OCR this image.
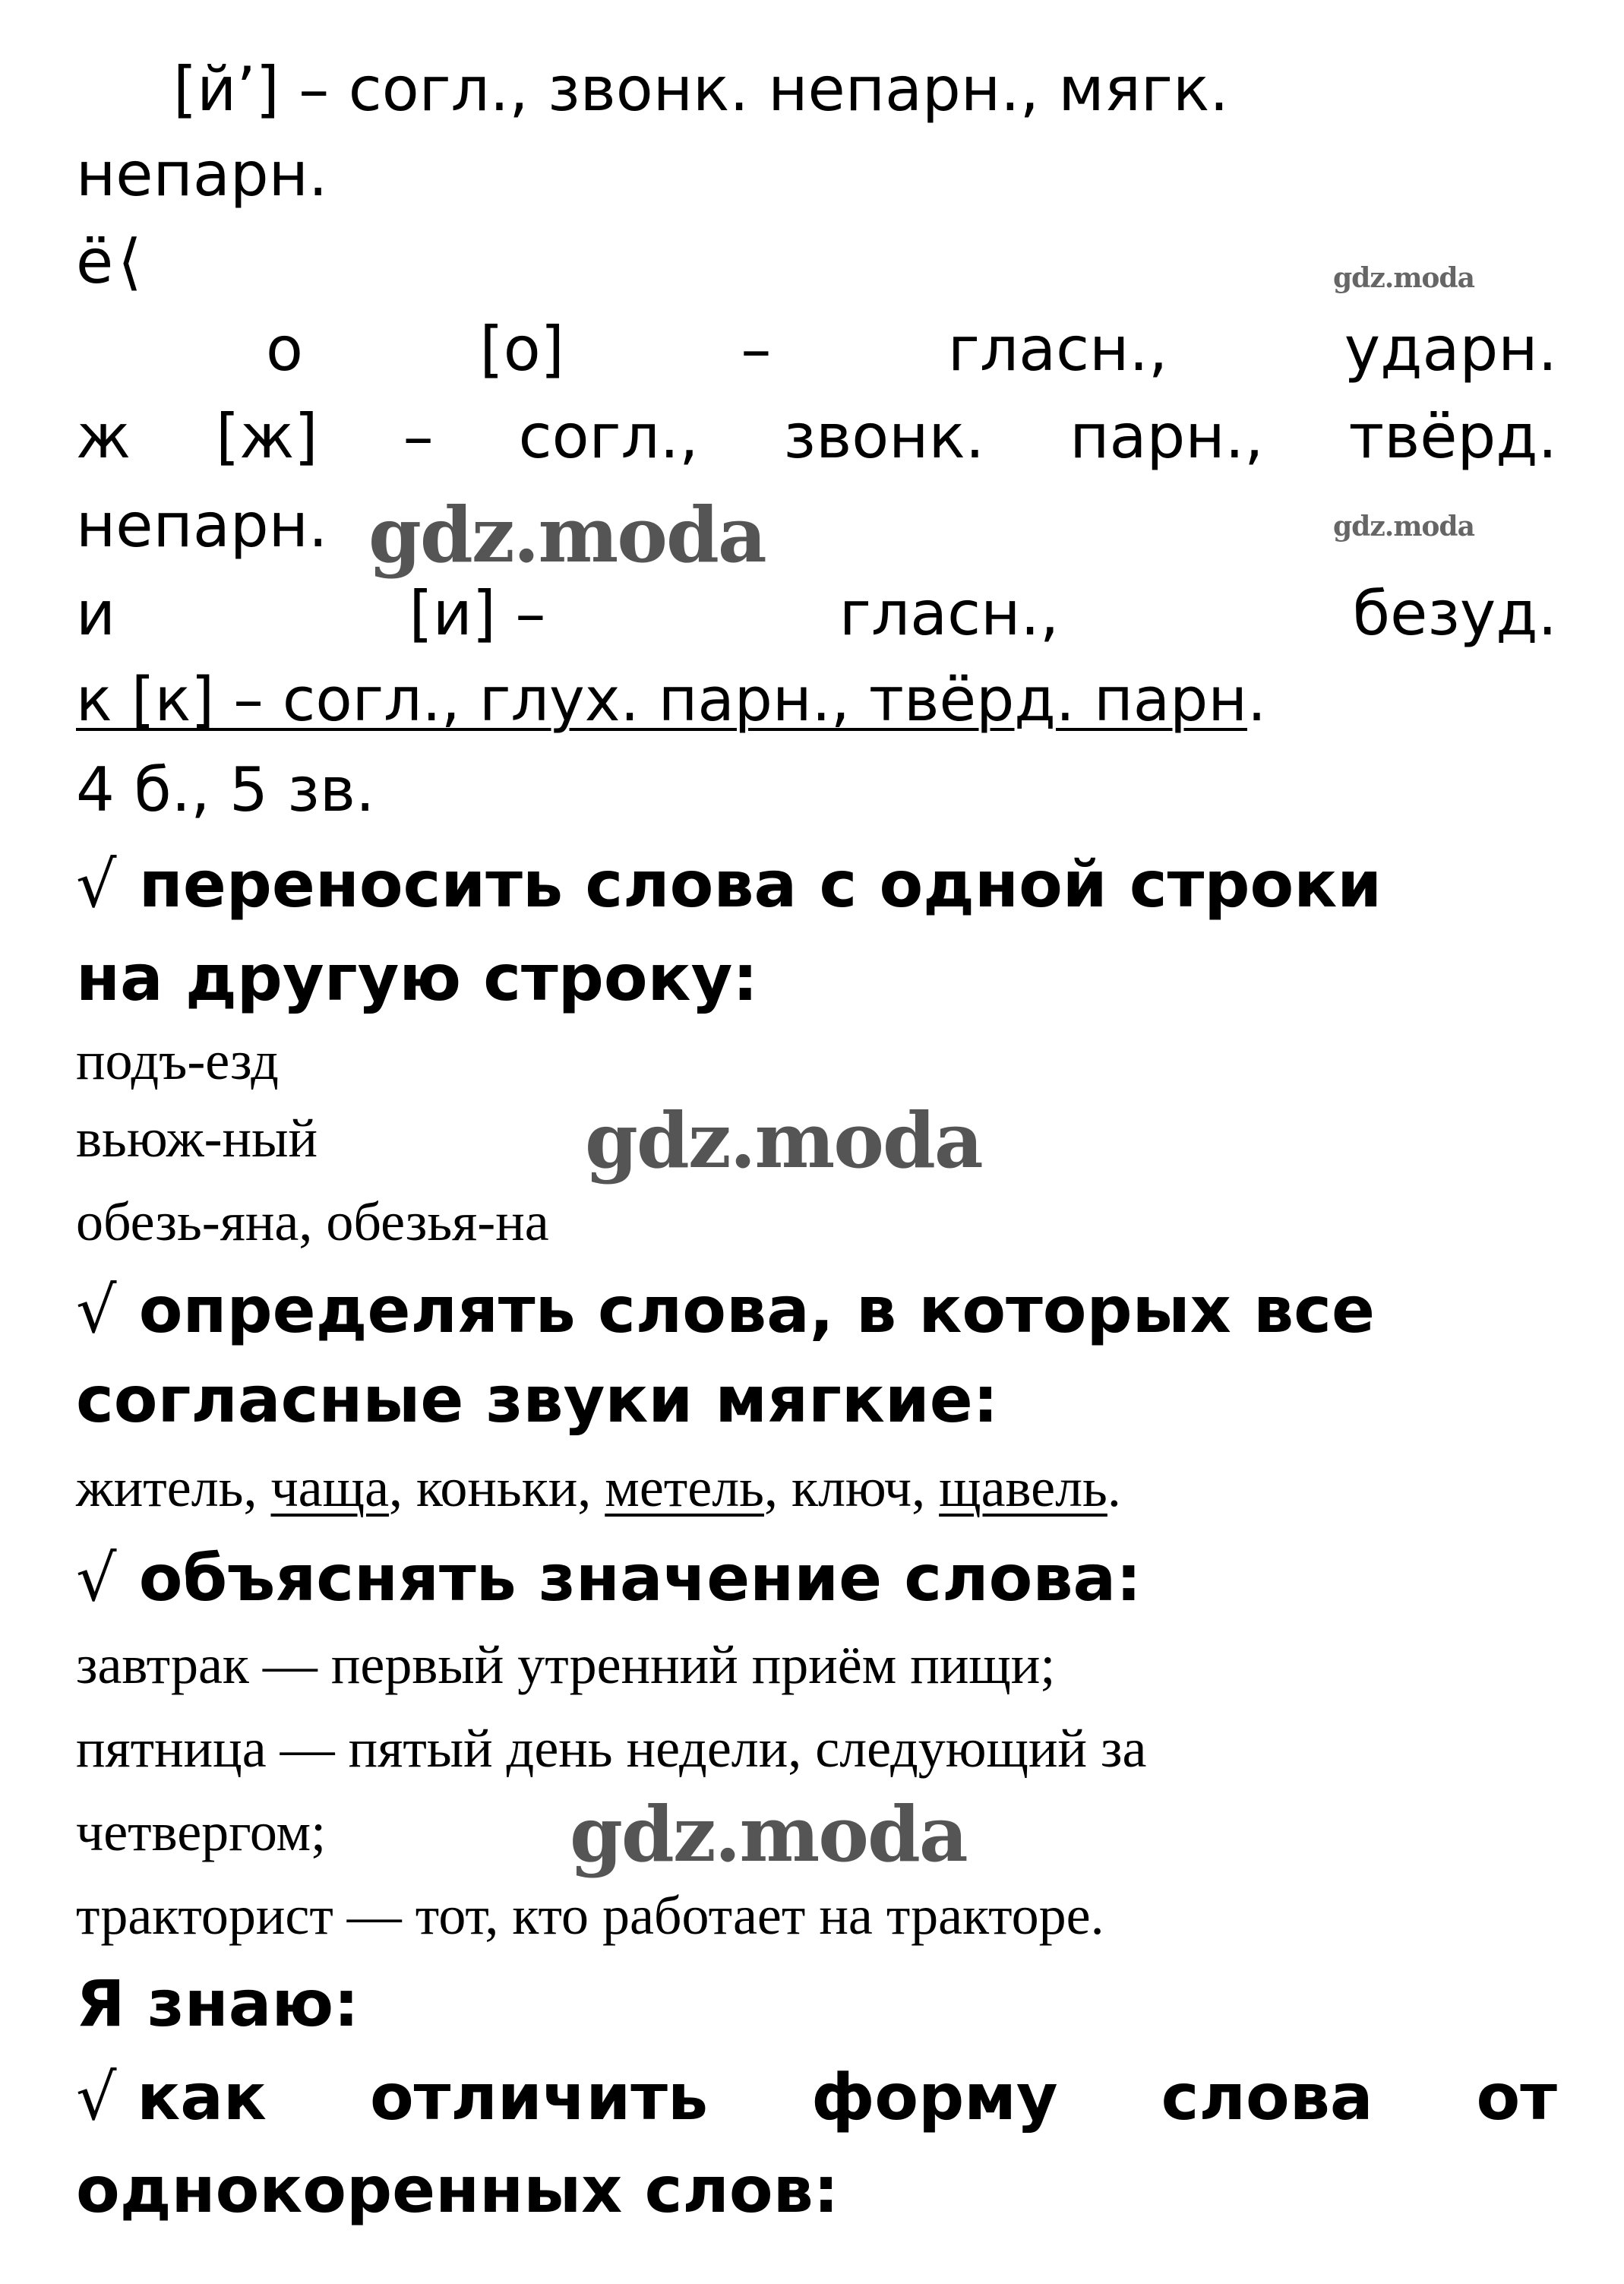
[й’] – согл., звонк. непарн., мягк.
непарн.
ё⟨
о	[о]	–	гласн.,	ударн.
ж [ж] – согл., звонк. парн., твёрд.
непарн.
и	[и] –	гласн.,	безуд.
к [к] – согл., глух. парн., твёрд. парн.
4 б., 5 зв.
√ переносить слова с одной строки
на другую строку:
подъ-езд
вьюж-ный
обезь-яна, обезья-на
√ определять слова, в которых все
согласные звуки мягкие:
житель, чаща, коньки, метель, ключ, щавель.
√ объяснять значение слова:
завтрак — первый утренний приём пищи;
пятница — пятый день недели, следующий за
четвергом;
тракторист — тот, кто работает на тракторе.
Я знаю:
√ как отличить форму слова от
однокоренных слов:
gdz.moda
gdz.moda
gdz.moda
gdz.moda
gdz.moda
